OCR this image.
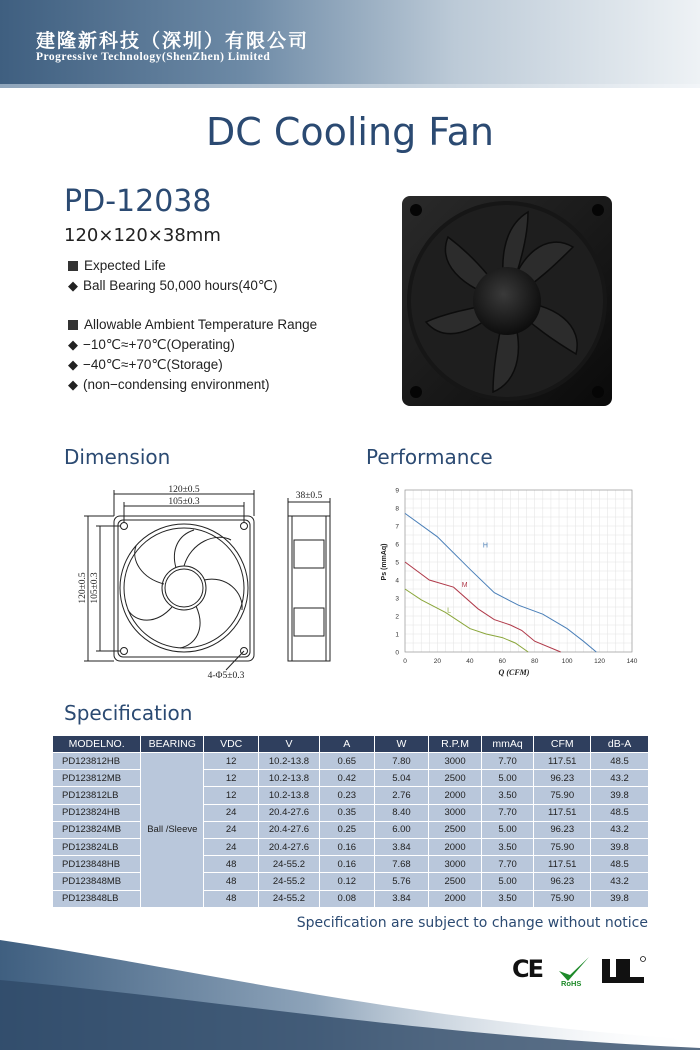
建隆新科技（深圳）有限公司
Progressive Technology(ShenZhen) Limited
DC Cooling Fan
PD-12038
120×120×38mm
Expected Life
◆ Ball Bearing 50,000 hours(40℃)
Allowable Ambient Temperature Range
◆ −10℃≈+70℃(Operating)
◆ −40℃≈+70℃(Storage)
◆ (non−condensing environment)
Dimension	Performance
Specification
120±0.5
105±0.3
38±0.5
4-Φ5±0.3
120±0.5 105±0.3
0	20	40	60	80	100	120	140
0
1
2
3
4
5
6
7
8
9
H
M
L
Q (CFM)
Ps (mmAq)
MODELNO.	BEARING	VDC	V	A	W	R.P.M	mmAq	CFM	dB-A
PD123812HB	Ball /Sleeve	12	10.2-13.8	0.65	7.80	3000	7.70	117.51	48.5
PD123812MB		12	10.2-13.8	0.42	5.04	2500	5.00	96.23	43.2
PD123812LB		12	10.2-13.8	0.23	2.76	2000	3.50	75.90	39.8
PD123824HB		24	20.4-27.6	0.35	8.40	3000	7.70	117.51	48.5
PD123824MB		24	20.4-27.6	0.25	6.00	2500	5.00	96.23	43.2
PD123824LB		24	20.4-27.6	0.16	3.84	2000	3.50	75.90	39.8
PD123848HB		48	24-55.2	0.16	7.68	3000	7.70	117.51	48.5
PD123848MB		48	24-55.2	0.12	5.76	2500	5.00	96.23	43.2
PD123848LB		48	24-55.2	0.08	3.84	2000	3.50	75.90	39.8
Specification are subject to change without notice
CE
RoHS
